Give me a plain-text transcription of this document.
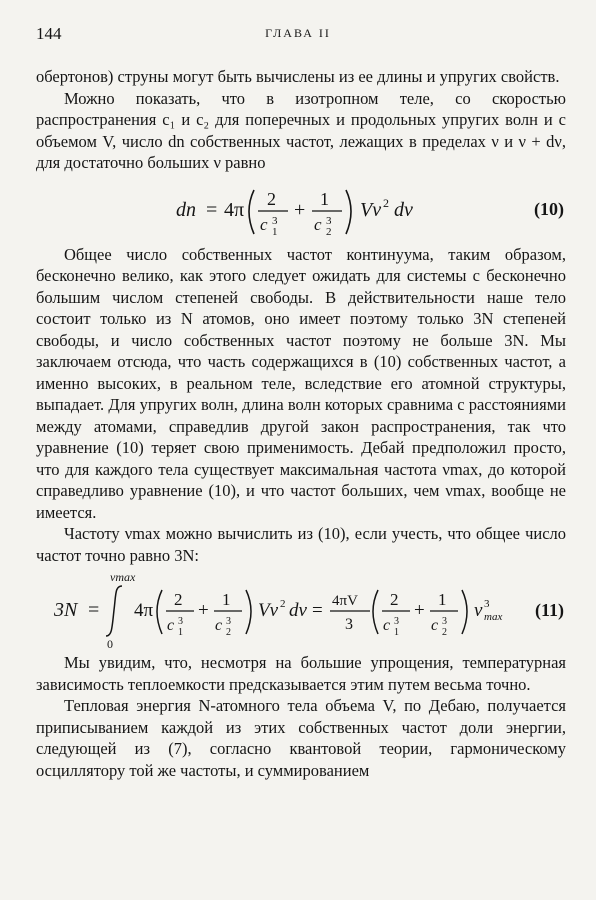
144	ГЛАВА II

обертонов) струны могут быть вычислены из ее длины и упругих свойств.

Можно показать, что в изотропном теле, со скоростью распространения c₁ и c₂ для поперечных и продольных упругих волн и с объемом V, число dn собственных частот, лежащих в пределах ν и ν + dν, для достаточно больших ν равно

dn = 4π 2
c 3
1
+ 1
c 3
2
Vν 2 dν	(10)

Общее число собственных частот континуума, таким образом, бесконечно велико, как этого следует ожидать для системы с бесконечно большим числом степеней свободы. В действительности наше тело состоит только из N атомов, оно имеет поэтому только 3N степеней свободы, и число собственных частот поэтому не больше 3N. Мы заключаем отсюда, что часть содержащихся в (10) собственных частот, а именно высоких, в реальном теле, вследствие его атомной структуры, выпадает. Для упругих волн, длина волн которых сравнима с расстояниями между атомами, справедлив другой закон распространения, так что уравнение (10) теряет свою применимость. Дебай предположил просто, что для каждого тела существует максимальная частота νmax, до которой справедливо уравнение (10), и что частот больших, чем νmax, вообще не имеется.

Частоту νmax можно вычислить из (10), если учесть, что общее число частот точно равно 3N:

3N =
νmax
0
4π
2
c 3
1
+
1
c 3
2
Vν 2 dν = 4πV
3
2
c 3
1
+
1
c 3
2
ν 3
max (11)

Мы увидим, что, несмотря на большие упрощения, температурная зависимость теплоемкости предсказывается этим путем весьма точно.

Тепловая энергия N-атомного тела объема V, по Дебаю, получается приписыванием каждой из этих собственных частот доли энергии, следующей из (7), согласно квантовой теории, гармоническому осциллятору той же частоты, и суммированием
